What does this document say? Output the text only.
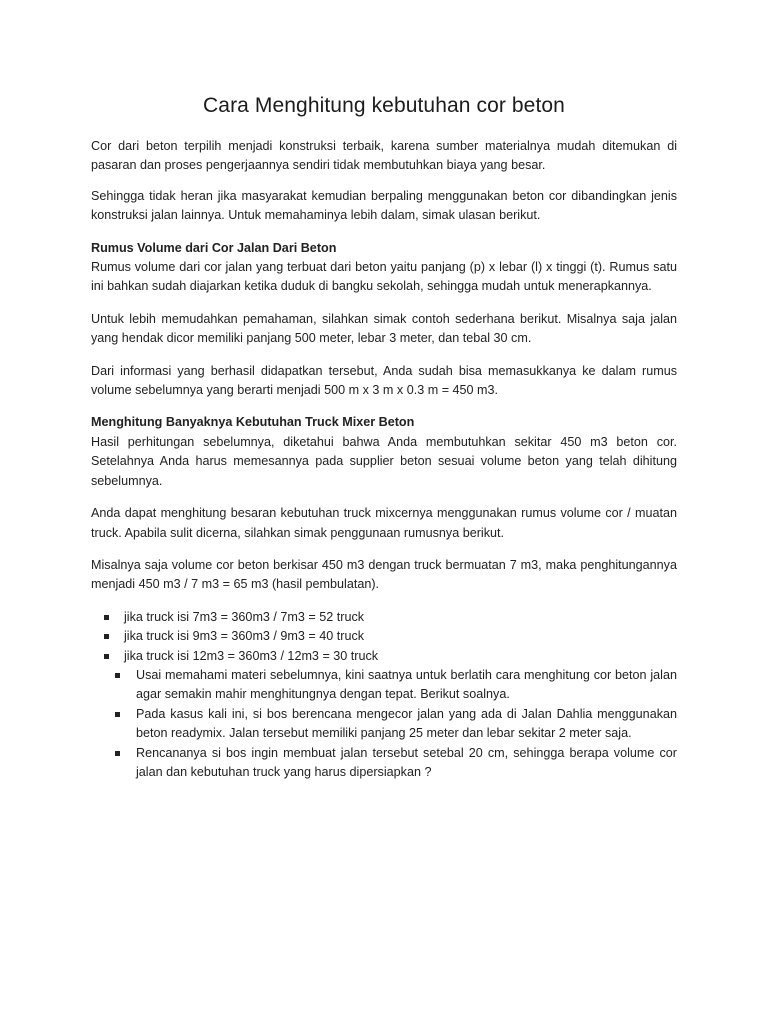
Cara Menghitung kebutuhan cor beton

Cor dari beton terpilih menjadi konstruksi terbaik, karena sumber materialnya mudah ditemukan di pasaran dan proses pengerjaannya sendiri tidak membutuhkan biaya yang besar.

Sehingga tidak heran jika masyarakat kemudian berpaling menggunakan beton cor dibandingkan jenis konstruksi jalan lainnya. Untuk memahaminya lebih dalam, simak ulasan berikut.

Rumus Volume dari Cor Jalan Dari Beton

Rumus volume dari cor jalan yang terbuat dari beton yaitu panjang (p) x lebar (l) x tinggi (t). Rumus satu ini bahkan sudah diajarkan ketika duduk di bangku sekolah, sehingga mudah untuk menerapkannya.

Untuk lebih memudahkan pemahaman, silahkan simak contoh sederhana berikut. Misalnya saja jalan yang hendak dicor memiliki panjang 500 meter, lebar 3 meter, dan tebal 30 cm.

Dari informasi yang berhasil didapatkan tersebut, Anda sudah bisa memasukkanya ke dalam rumus volume sebelumnya yang berarti menjadi 500 m x 3 m x 0.3 m = 450 m3.

Menghitung Banyaknya Kebutuhan Truck Mixer Beton

Hasil perhitungan sebelumnya, diketahui bahwa Anda membutuhkan sekitar 450 m3 beton cor. Setelahnya Anda harus memesannya pada supplier beton sesuai volume beton yang telah dihitung sebelumnya.

Anda dapat menghitung besaran kebutuhan truck mixcernya menggunakan rumus volume cor / muatan truck. Apabila sulit dicerna, silahkan simak penggunaan rumusnya berikut.

Misalnya saja volume cor beton berkisar 450 m3 dengan truck bermuatan 7 m3, maka penghitungannya menjadi 450 m3 / 7 m3 = 65 m3 (hasil pembulatan).

jika truck isi 7m3 = 360m3 / 7m3 = 52 truck
jika truck isi 9m3 = 360m3 / 9m3 = 40 truck
jika truck isi 12m3 = 360m3 / 12m3 = 30 truck
Usai memahami materi sebelumnya, kini saatnya untuk berlatih cara menghitung cor beton jalan agar semakin mahir menghitungnya dengan tepat. Berikut soalnya.
Pada kasus kali ini, si bos berencana mengecor jalan yang ada di Jalan Dahlia menggunakan beton readymix. Jalan tersebut memiliki panjang 25 meter dan lebar sekitar 2 meter saja.
Rencananya si bos ingin membuat jalan tersebut setebal 20 cm, sehingga berapa volume cor jalan dan kebutuhan truck yang harus dipersiapkan ?
